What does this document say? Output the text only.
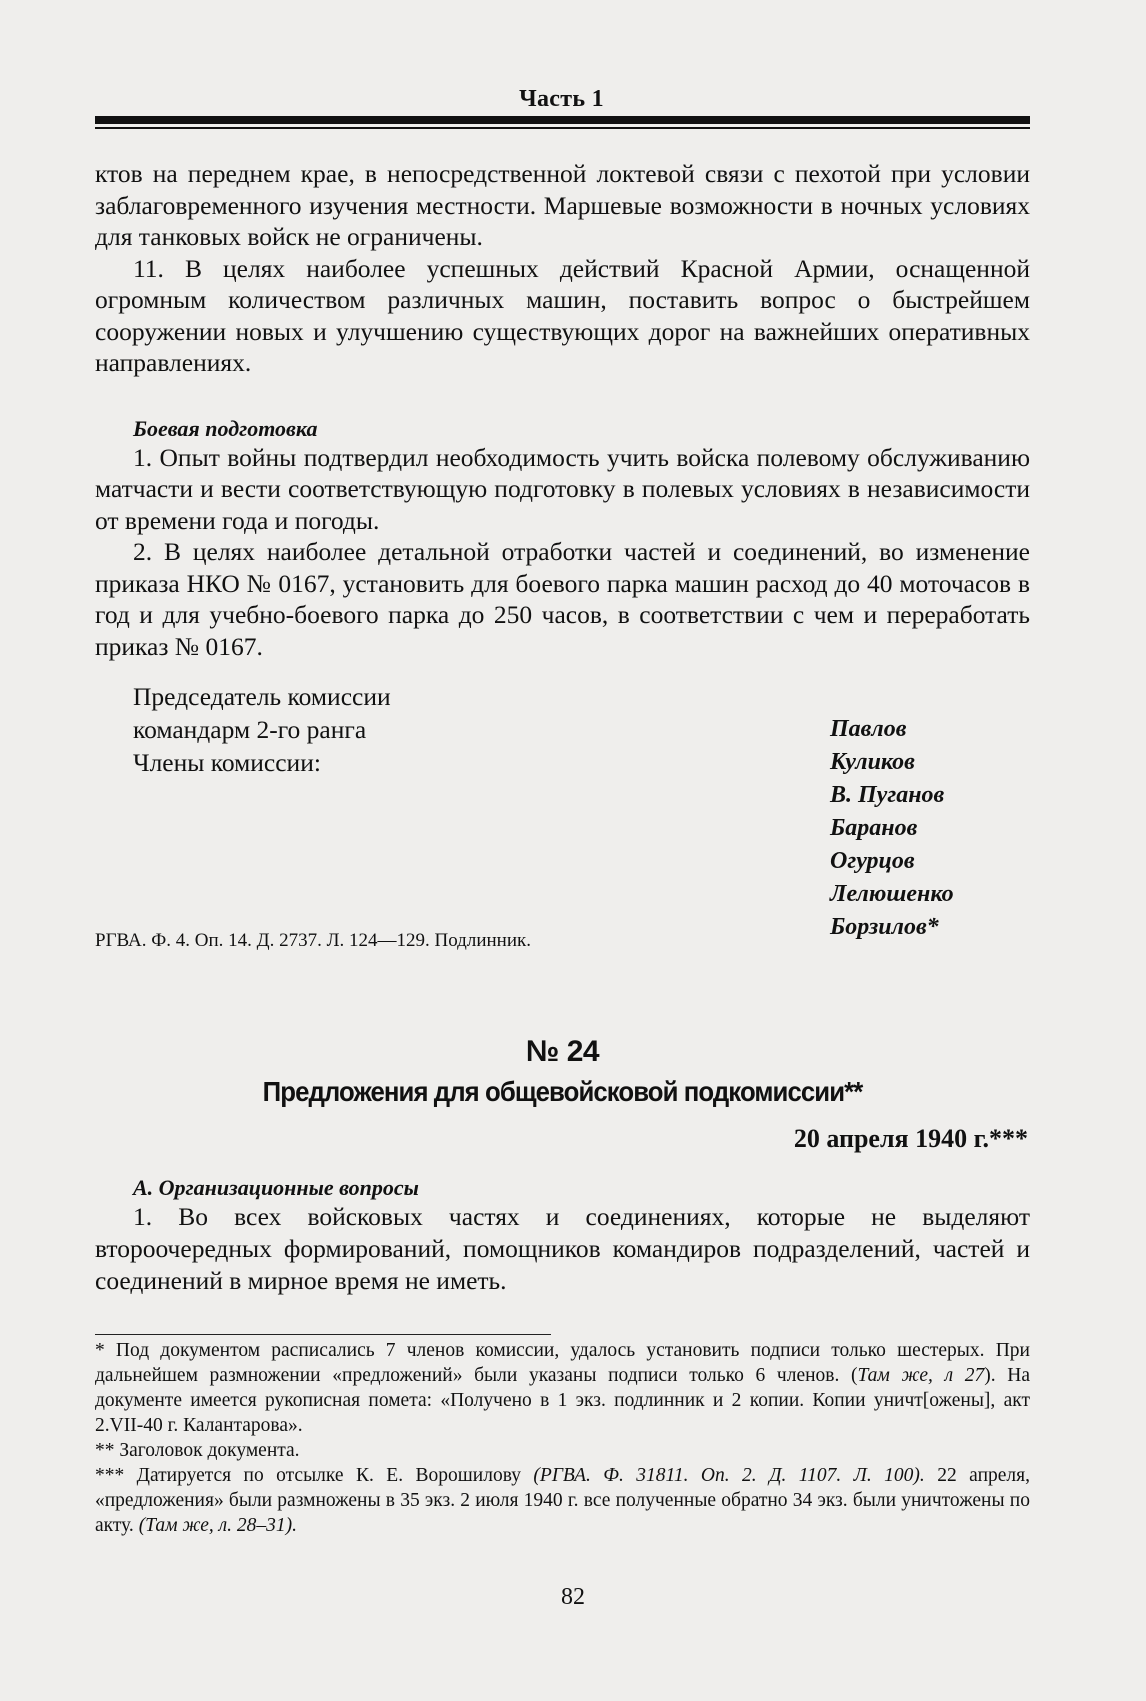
Часть 1

ктов на переднем крае, в непосредственной локтевой связи с пехотой при условии заблаговременного изучения местности. Маршевые возможности в ночных условиях для танковых войск не ограничены.

11. В целях наиболее успешных действий Красной Армии, оснащенной огромным количеством различных машин, поставить вопрос о быстрейшем сооружении новых и улучшению существующих дорог на важнейших оперативных направлениях.

Боевая подготовка

1. Опыт войны подтвердил необходимость учить войска полевому обслуживанию матчасти и вести соответствующую подготовку в полевых условиях в независимости от времени года и погоды.

2. В целях наиболее детальной отработки частей и соединений, во изменение приказа НКО № 0167, установить для боевого парка машин расход до 40 моточасов в год и для учебно-боевого парка до 250 часов, в соответствии с чем и переработать приказ № 0167.

Председатель комиссии
командарм 2-го ранга
Члены комиссии:
Павлов
Куликов
В. Пуганов
Баранов
Огурцов
Лелюшенко
Борзилов*
РГВА. Ф. 4. Оп. 14. Д. 2737. Л. 124—129. Подлинник.
№ 24
Предложения для общевойсковой подкомиссии**
20 апреля 1940 г.***
А. Организационные вопросы

1. Во всех войсковых частях и соединениях, которые не выделяют второочередных формирований, помощников командиров подразделений, частей и соединений в мирное время не иметь.

* Под документом расписались 7 членов комиссии, удалось установить подписи только шестерых. При дальнейшем размножении «предложений» были указаны подписи только 6 членов. (Там же, л 27). На документе имеется рукописная помета: «Получено в 1 экз. подлинник и 2 копии. Копии уничт[ожены], акт 2.VII-40 г. Калантарова».

** Заголовок документа.

*** Датируется по отсылке К. Е. Ворошилову (РГВА. Ф. 31811. Оп. 2. Д. 1107. Л. 100). 22 апреля, «предложения» были размножены в 35 экз. 2 июля 1940 г. все полученные обратно 34 экз. были уничтожены по акту. (Там же, л. 28–31).

82
